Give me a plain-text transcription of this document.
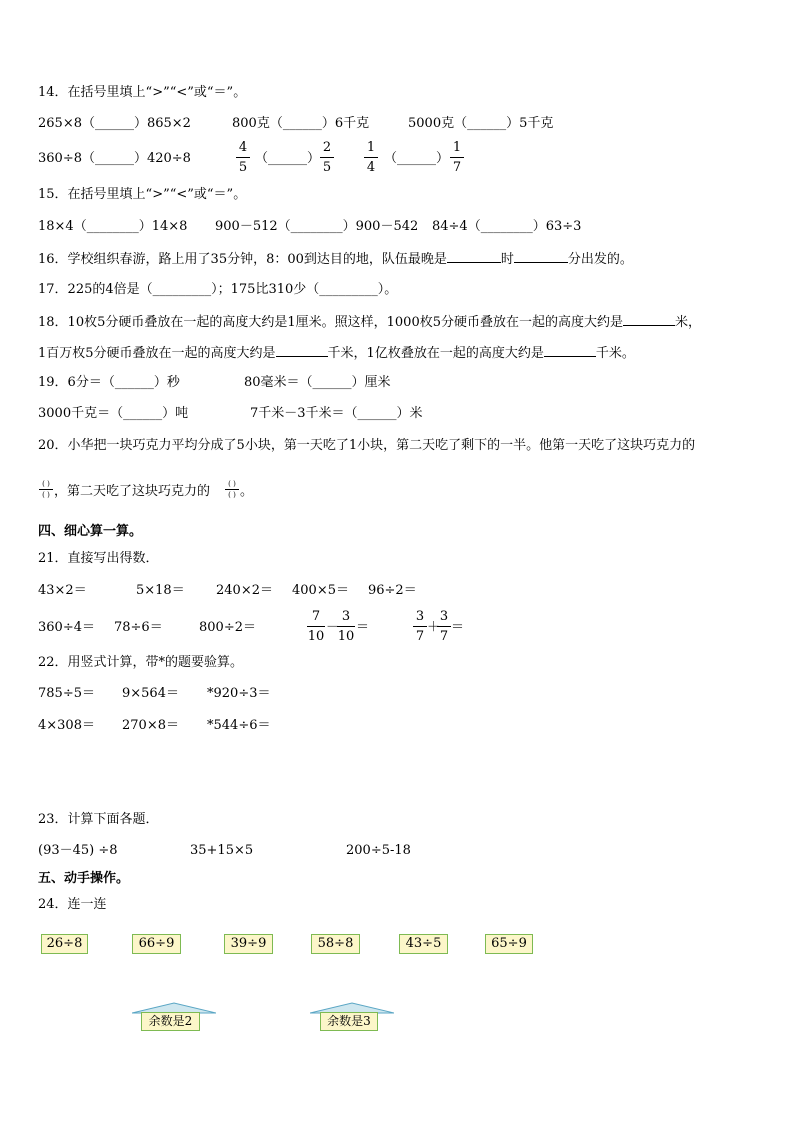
14．在括号里填上“>”“<”或“＝”。
265×8（______）865×2	800克（______）6千克	5000克（______）5千克
360÷8（______）420÷8
4
5
（______）
2
5
1
4
（______）
1
7
15．在括号里填上“>”“<”或“＝”。
18×4（________）14×8 900－512（________）900－542 84÷4（________）63÷3
16．学校组织春游，路上用了35分钟，8：00到达目的地，队伍最晚是	时	分出发的。
17．225的4倍是（_________）；175比310少（_________）。
18．10枚5分硬币叠放在一起的高度大约是1厘米。照这样，1000枚5分硬币叠放在一起的高度大约是	米，
1百万枚5分硬币叠放在一起的高度大约是	千米，1亿枚叠放在一起的高度大约是	千米。
19．6分＝（______）秒	80毫米＝（______）厘米
3000千克＝（______）吨	7千米－3千米＝（______）米
20．小华把一块巧克力平均分成了5小块，第一天吃了1小块，第二天吃了剩下的一半。他第一天吃了这块巧克力的
( )
( ) ，第二天吃了这块巧克力的	( )
( ) 。
四、细心算一算。
21．直接写出得数．
43×2＝	5×18＝ 240×2＝ 400×5＝ 96÷2＝
360÷4＝ 78÷6＝	800÷2＝
7
10
－
3
10
＝
3
7
＋
3
7
＝
22．用竖式计算，带*的题要验算。
785÷5＝ 9×564＝ *920÷3＝
4×308＝ 270×8＝ *544÷6＝
23．计算下面各题．
(93－45) ÷8	35+15×5	200÷5-18
五、动手操作。
24．连一连
26÷8	66÷9	39÷9	58÷8	43÷5	65÷9
余数是2	余数是3
